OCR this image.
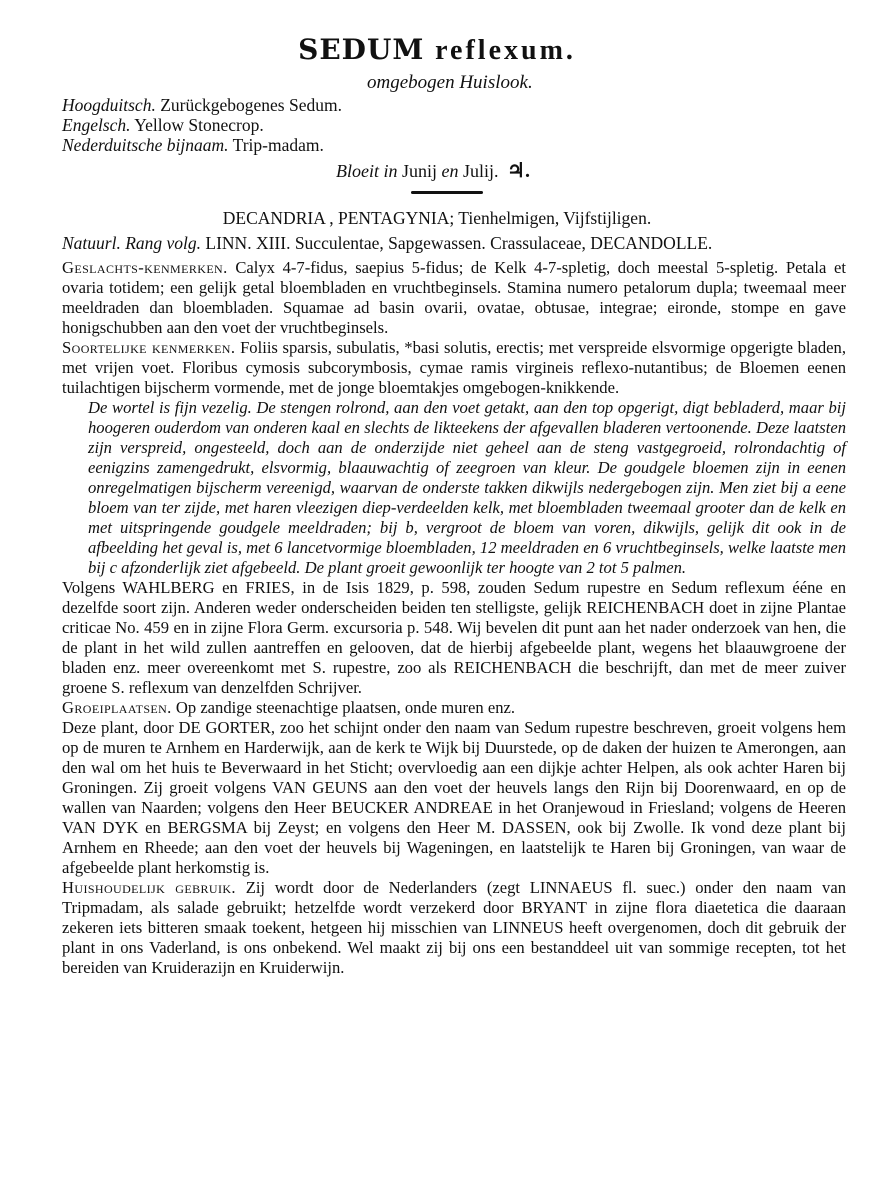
SEDUM reflexum.
omgebogen Huislook.
Hoogduitsch. Zurückgebogenes Sedum.
Engelsch. Yellow Stonecrop.
Nederduitsche bijnaam. Trip-madam.
Bloeit in Junij en Julij. ♃.
DECANDRIA , PENTAGYNIA; Tienhelmigen, Vijfstijligen.
Natuurl. Rang volg. LINN. XIII. Succulentae, Sapgewassen. Crassulaceae, DECANDOLLE.

Geslachts-kenmerken. Calyx 4-7-fidus, saepius 5-fidus; de Kelk 4-7-spletig, doch meestal 5-spletig. Petala et ovaria totidem; een gelijk getal bloembladen en vruchtbeginsels. Stamina numero petalorum dupla; tweemaal meer meeldraden dan bloembladen. Squamae ad basin ovarii, ovatae, obtusae, integrae; eironde, stompe en gave honigschubben aan den voet der vruchtbeginsels.

Soortelijke kenmerken. Foliis sparsis, subulatis, *basi solutis, erectis; met verspreide elsvormige opgerigte bladen, met vrijen voet. Floribus cymosis subcorymbosis, cymae ramis virgineis reflexo-nutantibus; de Bloemen eenen tuilachtigen bijscherm vormende, met de jonge bloemtakjes omgebogen-knikkende.

De wortel is fijn vezelig. De stengen rolrond, aan den voet getakt, aan den top opgerigt, digt bebladerd, maar bij hoogeren ouderdom van onderen kaal en slechts de likteekens der afgevallen bladeren vertoonende. Deze laatsten zijn verspreid, ongesteeld, doch aan de onderzijde niet geheel aan de steng vastgegroeid, rolrondachtig of eenigzins zamengedrukt, elsvormig, blaauwachtig of zeegroen van kleur. De goudgele bloemen zijn in eenen onregelmatigen bijscherm vereenigd, waarvan de onderste takken dikwijls nedergebogen zijn. Men ziet bij a eene bloem van ter zijde, met haren vleezigen diep-verdeelden kelk, met bloembladen tweemaal grooter dan de kelk en met uitspringende goudgele meeldraden; bij b, vergroot de bloem van voren, dikwijls, gelijk dit ook in de afbeelding het geval is, met 6 lancetvormige bloembladen, 12 meeldraden en 6 vruchtbeginsels, welke laatste men bij c afzonderlijk ziet afgebeeld. De plant groeit gewoonlijk ter hoogte van 2 tot 5 palmen.

Volgens WAHLBERG en FRIES, in de Isis 1829, p. 598, zouden Sedum rupestre en Sedum reflexum ééne en dezelfde soort zijn. Anderen weder onderscheiden beiden ten stelligste, gelijk REICHENBACH doet in zijne Plantae criticae No. 459 en in zijne Flora Germ. excursoria p. 548. Wij bevelen dit punt aan het nader onderzoek van hen, die de plant in het wild zullen aantreffen en gelooven, dat de hierbij afgebeelde plant, wegens het blaauwgroene der bladen enz. meer overeenkomt met S. rupestre, zoo als REICHENBACH die beschrijft, dan met de meer zuiver groene S. reflexum van denzelfden Schrijver.

Groeiplaatsen. Op zandige steenachtige plaatsen, onde muren enz.

Deze plant, door DE GORTER, zoo het schijnt onder den naam van Sedum rupestre beschreven, groeit volgens hem op de muren te Arnhem en Harderwijk, aan de kerk te Wijk bij Duurstede, op de daken der huizen te Amerongen, aan den wal om het huis te Beverwaard in het Sticht; overvloedig aan een dijkje achter Helpen, als ook achter Haren bij Groningen. Zij groeit volgens VAN GEUNS aan den voet der heuvels langs den Rijn bij Doorenwaard, en op de wallen van Naarden; volgens den Heer BEUCKER ANDREAE in het Oranjewoud in Friesland; volgens de Heeren VAN DYK en BERGSMA bij Zeyst; en volgens den Heer M. DASSEN, ook bij Zwolle. Ik vond deze plant bij Arnhem en Rheede; aan den voet der heuvels bij Wageningen, en laatstelijk te Haren bij Groningen, van waar de afgebeelde plant herkomstig is.

Huishoudelijk gebruik. Zij wordt door de Nederlanders (zegt LINNAEUS fl. suec.) onder den naam van Tripmadam, als salade gebruikt; hetzelfde wordt verzekerd door BRYANT in zijne flora diaetetica die daaraan zekeren iets bitteren smaak toekent, hetgeen hij misschien van LINNEUS heeft overgenomen, doch dit gebruik der plant in ons Vaderland, is ons onbekend. Wel maakt zij bij ons een bestanddeel uit van sommige recepten, tot het bereiden van Kruiderazijn en Kruiderwijn.
